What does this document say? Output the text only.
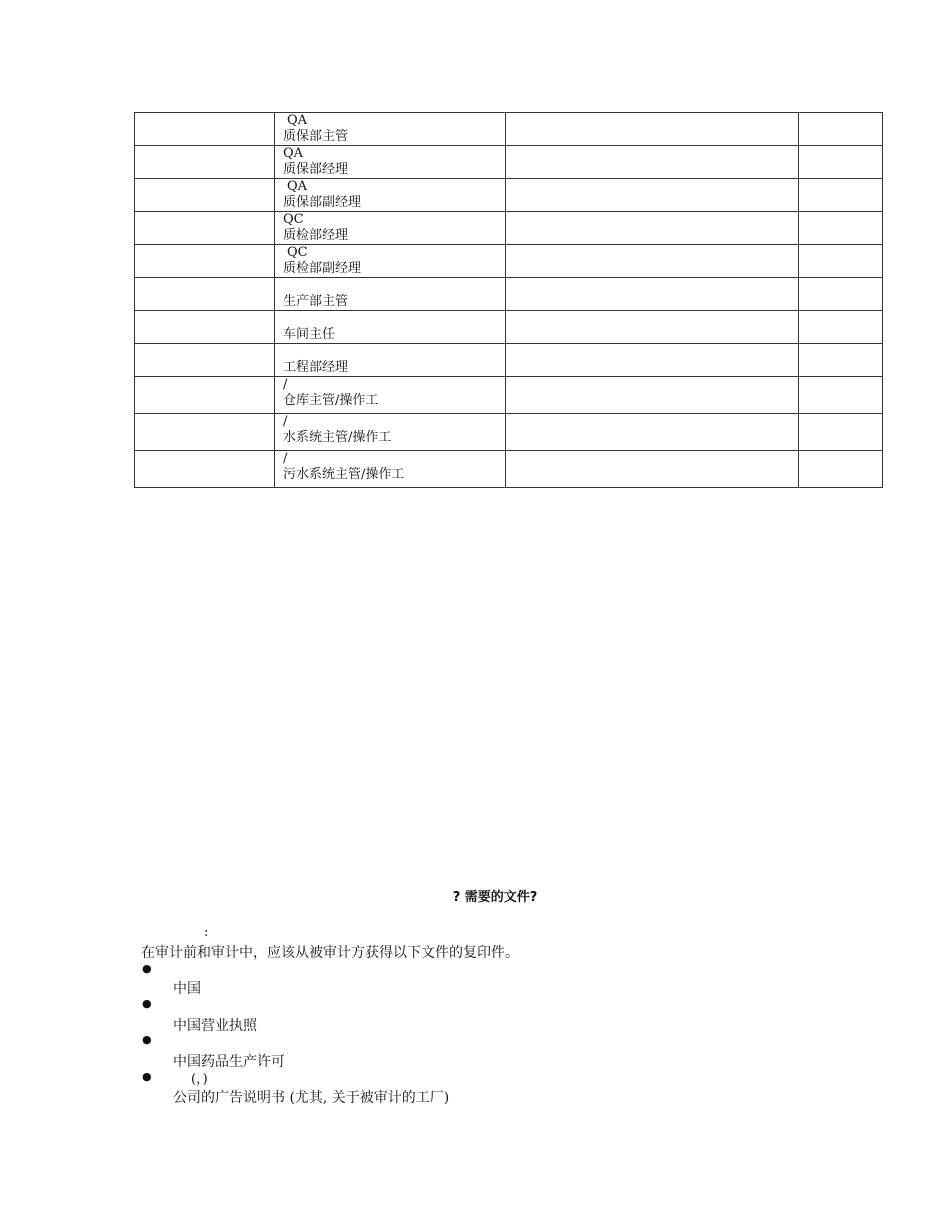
	QA
质保部主管		

	QA
质保部经理		

	QA
质保部副经理		

	QC
质检部经理		

	QC
质检部副经理		

	生产部主管		

	车间主任		

	工程部经理		

	/
仓库主管/操作工		

	/
水系统主管/操作工		

	/
污水系统主管/操作工		

? 需要的文件?
:
在审计前和审计中，应该从被审计方获得以下文件的复印件。
●
中国
●
中国营业执照
●
中国药品生产许可
●	(，)
公司的广告说明书 (尤其, 关于被审计的工厂)
